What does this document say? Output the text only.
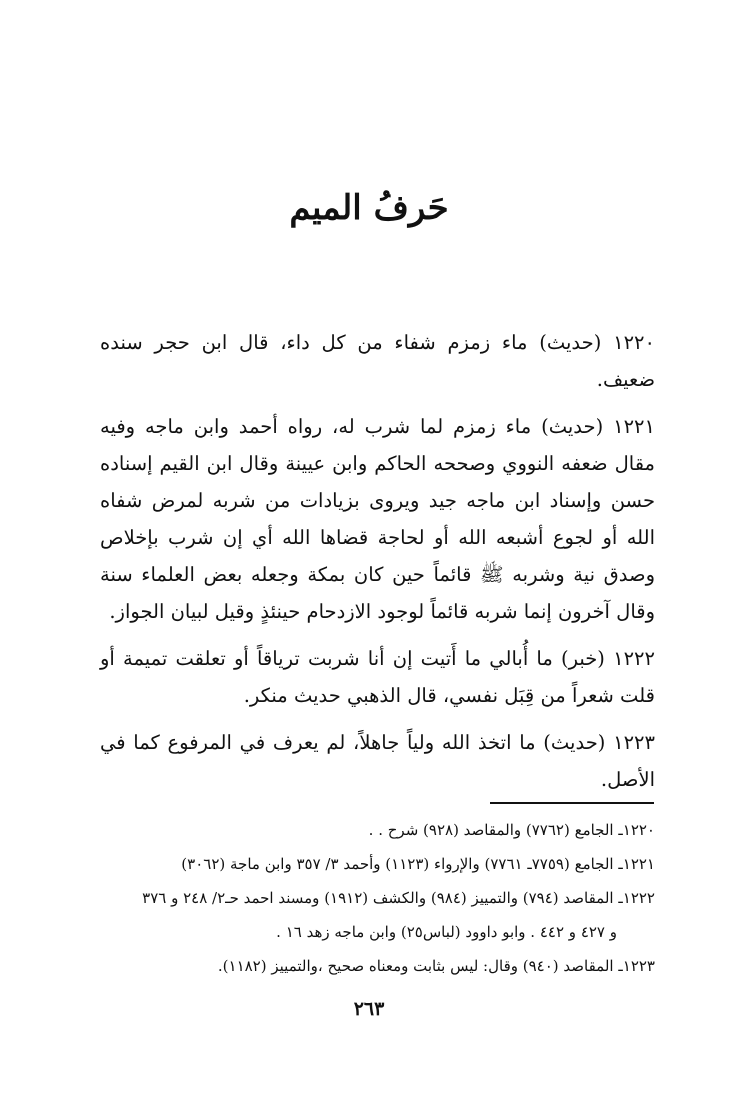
حَرفُ الميم

١٢٢٠ (حديث) ماء زمزم شفاء من كل داء، قال ابن حجر سنده ضعيف.

١٢٢١ (حديث) ماء زمزم لما شرب له، رواه أحمد وابن ماجه وفيه مقال ضعفه النووي وصححه الحاكم وابن عيينة وقال ابن القيم إسناده حسن وإسناد ابن ماجه جيد ويروى بزيادات من شربه لمرض شفاه الله أو لجوع أشبعه الله أو لحاجة قضاها الله أي إن شرب بإخلاص وصدق نية وشربه ﷺ قائماً حين كان بمكة وجعله بعض العلماء سنة وقال آخرون إنما شربه قائماً لوجود الازدحام حينئذٍ وقيل لبيان الجواز.

١٢٢٢ (خبر) ما أُبالي ما أَتيت إن أنا شربت ترياقاً أو تعلقت تميمة أو قلت شعراً من قِبَل نفسي، قال الذهبي حديث منكر.

١٢٢٣ (حديث) ما اتخذ الله ولياً جاهلاً، لم يعرف في المرفوع كما في الأصل.

١٢٢٠ـ الجامع (٧٧٦٢) والمقاصد (٩٢٨) شرح . .

١٢٢١ـ الجامع (٧٧٥٩ـ ٧٧٦١) والإرواء (١١٢٣) وأحمد ٣/ ٣٥٧ وابن ماجة (٣٠٦٢)

١٢٢٢ـ المقاصد (٧٩٤) والتمييز (٩٨٤) والكشف (١٩١٢) ومسند احمد حـ٢/ ٢٤٨ و ٣٧٦

و ٤٢٧ و ٤٤٢ . وابو داوود (لباس٢٥) وابن ماجه زهد ١٦ .

١٢٢٣ـ المقاصد (٩٤٠) وقال: ليس بثابت ومعناه صحيح ،والتمييز (١١٨٢).

٢٦٣
